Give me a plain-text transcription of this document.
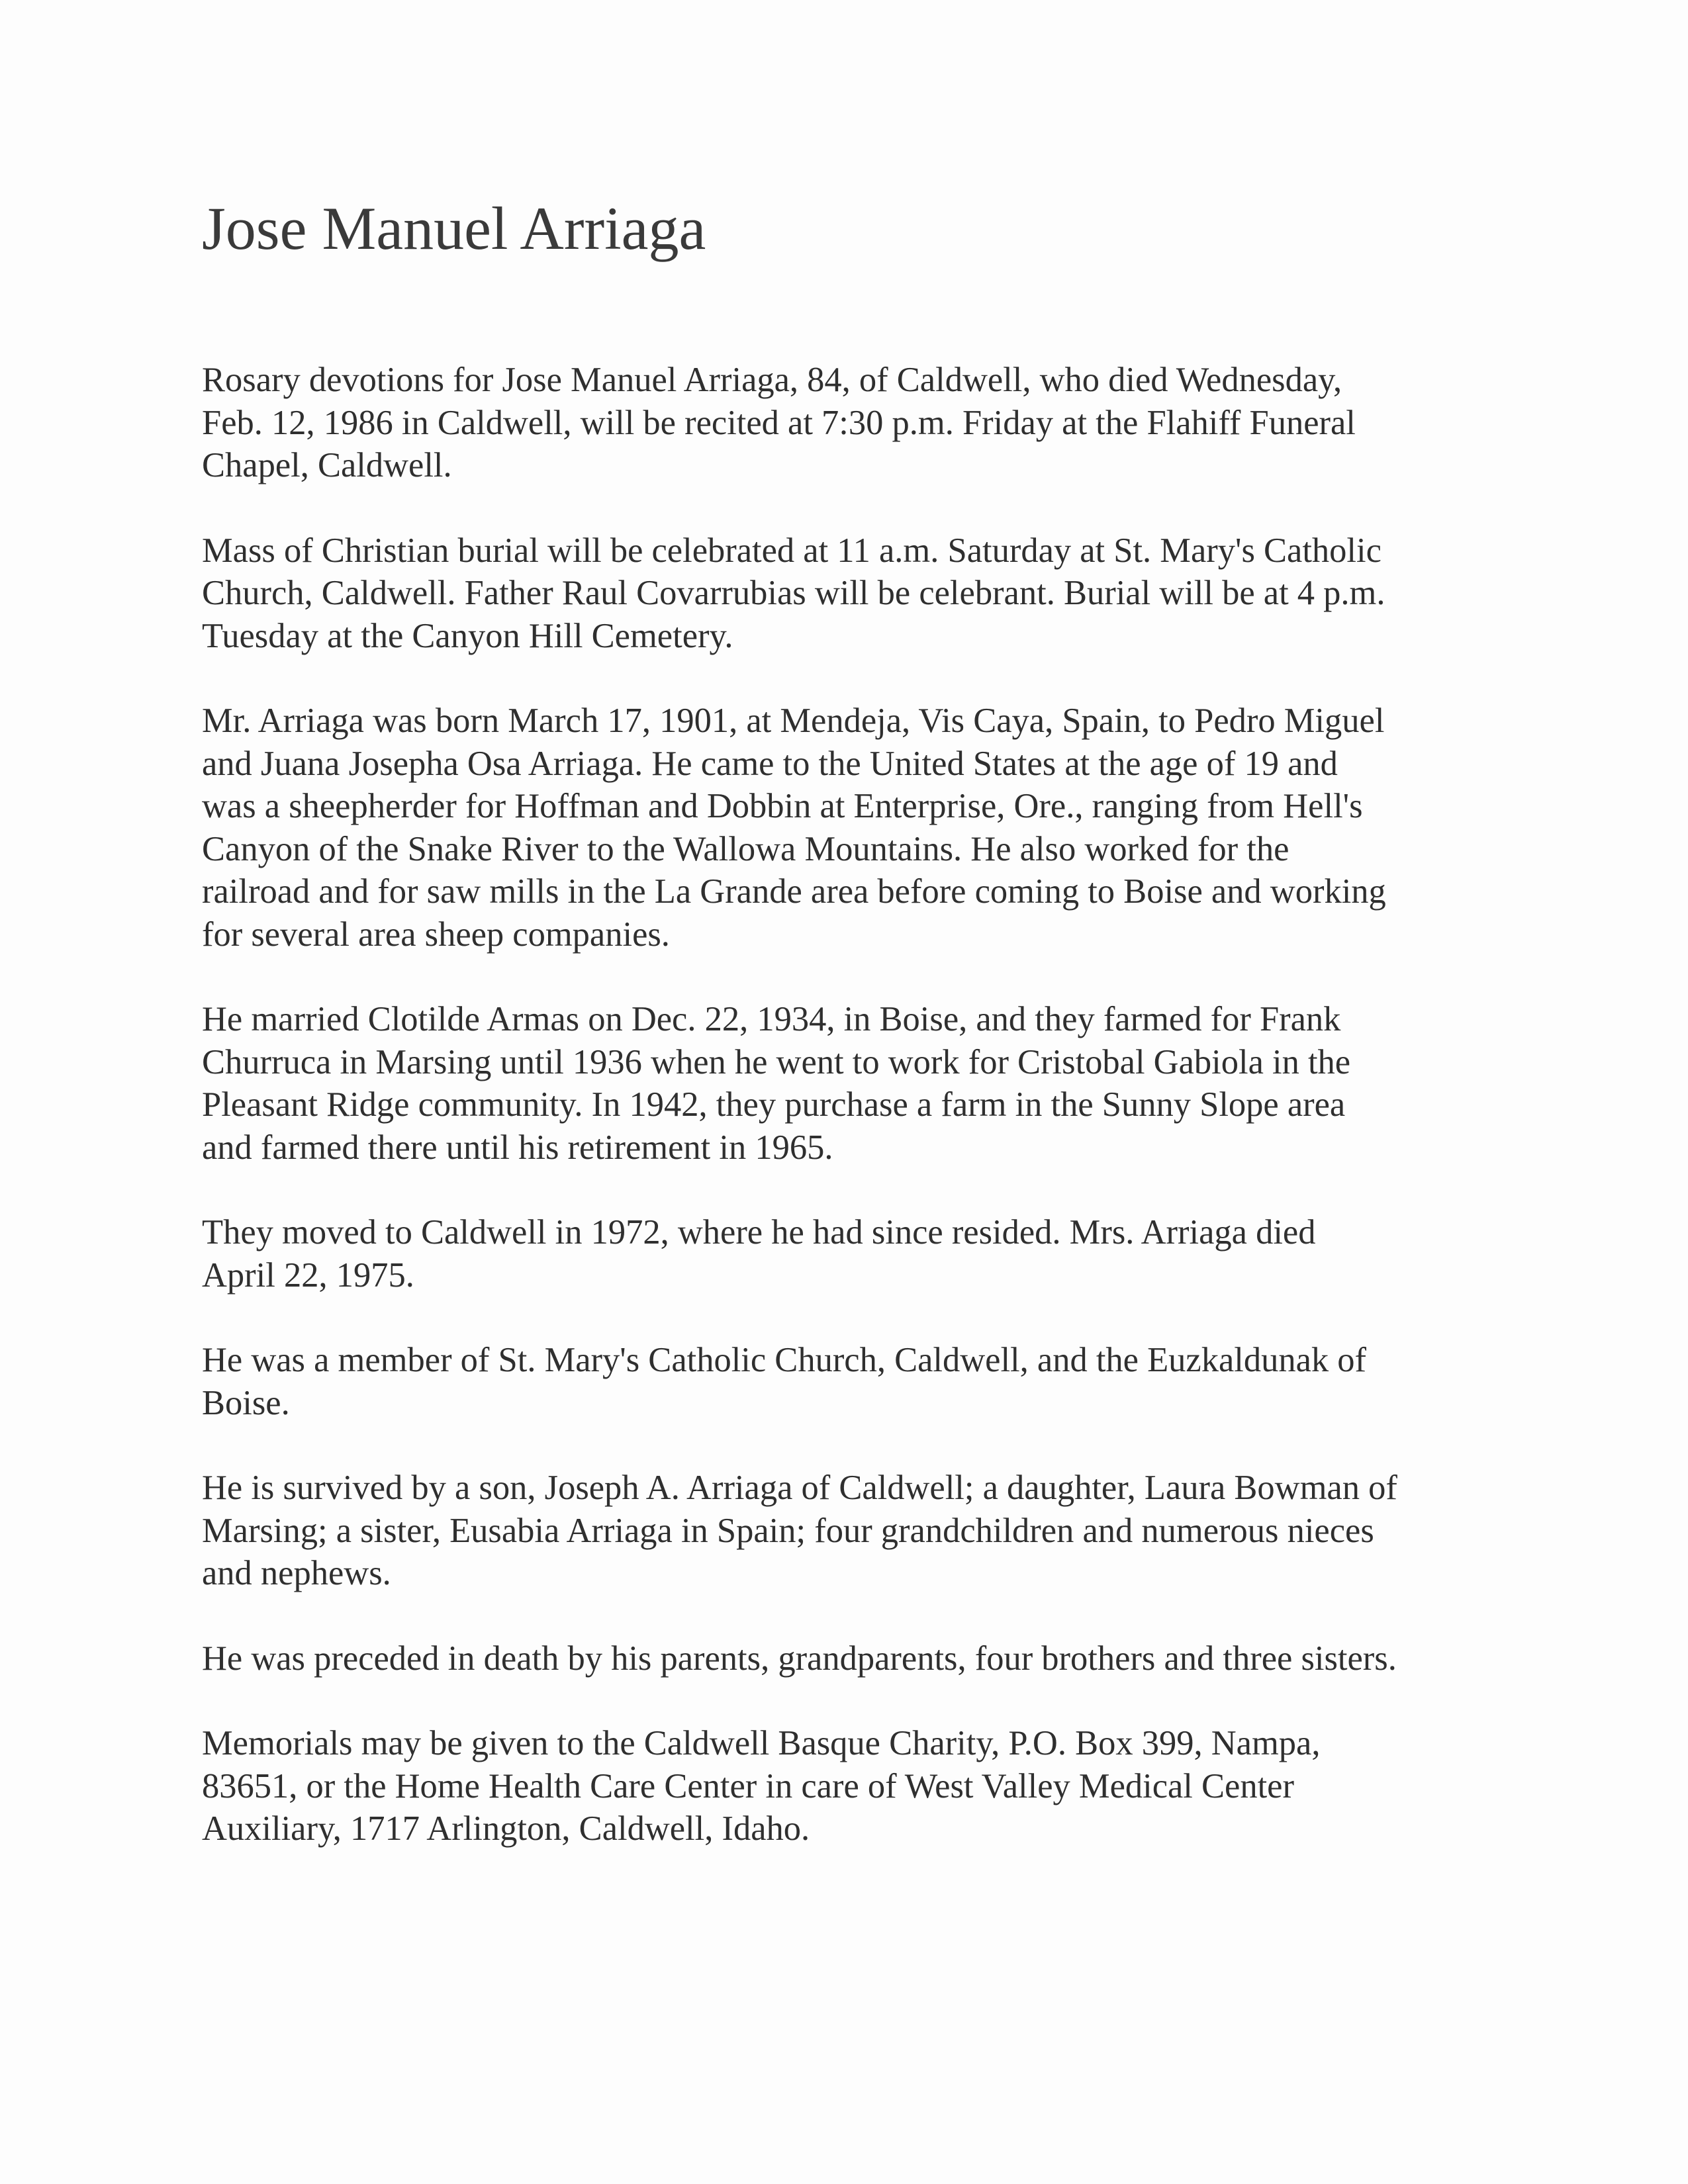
Jose Manuel Arriaga

Rosary devotions for Jose Manuel Arriaga, 84, of Caldwell, who died Wednesday,
Feb. 12, 1986 in Caldwell, will be recited at 7:30 p.m. Friday at the Flahiff Funeral
Chapel, Caldwell.

Mass of Christian burial will be celebrated at 11 a.m. Saturday at St. Mary's Catholic
Church, Caldwell. Father Raul Covarrubias will be celebrant. Burial will be at 4 p.m.
Tuesday at the Canyon Hill Cemetery.

Mr. Arriaga was born March 17, 1901, at Mendeja, Vis Caya, Spain, to Pedro Miguel
and Juana Josepha Osa Arriaga. He came to the United States at the age of 19 and
was a sheepherder for Hoffman and Dobbin at Enterprise, Ore., ranging from Hell's
Canyon of the Snake River to the Wallowa Mountains. He also worked for the
railroad and for saw mills in the La Grande area before coming to Boise and working
for several area sheep companies.

He married Clotilde Armas on Dec. 22, 1934, in Boise, and they farmed for Frank
Churruca in Marsing until 1936 when he went to work for Cristobal Gabiola in the
Pleasant Ridge community. In 1942, they purchase a farm in the Sunny Slope area
and farmed there until his retirement in 1965.

They moved to Caldwell in 1972, where he had since resided. Mrs. Arriaga died
April 22, 1975.

He was a member of St. Mary's Catholic Church, Caldwell, and the Euzkaldunak of
Boise.

He is survived by a son, Joseph A. Arriaga of Caldwell; a daughter, Laura Bowman of
Marsing; a sister, Eusabia Arriaga in Spain; four grandchildren and numerous nieces
and nephews.

He was preceded in death by his parents, grandparents, four brothers and three sisters.

Memorials may be given to the Caldwell Basque Charity, P.O. Box 399, Nampa,
83651, or the Home Health Care Center in care of West Valley Medical Center
Auxiliary, 1717 Arlington, Caldwell, Idaho.
